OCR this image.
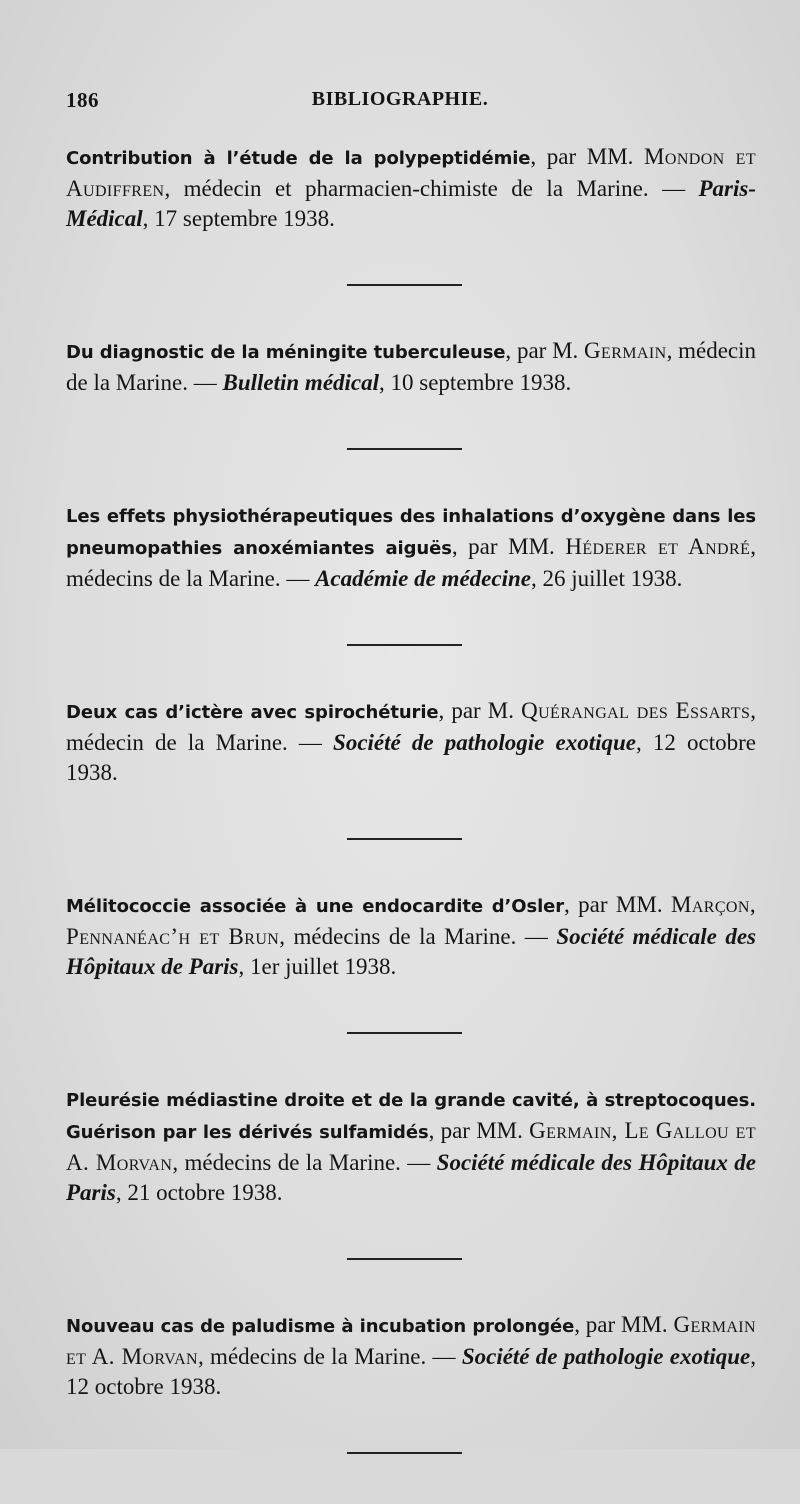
186	BIBLIOGRAPHIE.

Contribution à l’étude de la polypeptidémie, par MM. Mondon et Audiffren, médecin et pharmacien-chimiste de la Marine. — Paris-Médical, 17 septembre 1938.

Du diagnostic de la méningite tuberculeuse, par M. Germain, médecin de la Marine. — Bulletin médical, 10 septembre 1938.

Les effets physiothérapeutiques des inhalations d’oxygène dans les pneumopathies anoxémiantes aiguës, par MM. Héderer et André, médecins de la Marine. — Académie de médecine, 26 juillet 1938.

Deux cas d’ictère avec spirochéturie, par M. Quérangal des Essarts, médecin de la Marine. — Société de pathologie exotique, 12 octobre 1938.

Mélitococcie associée à une endocardite d’Osler, par MM. Marçon, Pennanéac’h et Brun, médecins de la Marine. — Société médicale des Hôpitaux de Paris, 1er juillet 1938.

Pleurésie médiastine droite et de la grande cavité, à streptocoques. Guérison par les dérivés sulfamidés, par MM. Germain, Le Gallou et A. Morvan, médecins de la Marine. — Société médicale des Hôpitaux de Paris, 21 octobre 1938.

Nouveau cas de paludisme à incubation prolongée, par MM. Germain et A. Morvan, médecins de la Marine. — Société de pathologie exotique, 12 octobre 1938.
